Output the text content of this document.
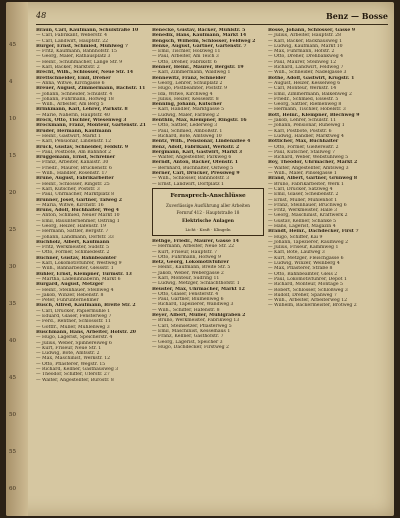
45
4
10
15
20
25
30
35
40
45
50
55
60
48	Benz — Bosse
Braun, Carl, Kaufmann, Schulstraße 10
— Carl, Fabrikant, Weberstr. 4
— Carl, Landwirt, Hauptstr. 22
Bürger, Ernst, Schmied, Mühlweg 7
— Fritz, Kaufmann, Bahnhofstr. 15
— Georg, Maler, Rathausplatz 3
— Heinr., Schuhmacher, Lange Str. 9
— Karl, Bäcker, Marktstr. 2
Brecht, Wilh., Schlosser, Neue Str. 14
Brettschneider, Emil, Dreher
— Anna, Witwe, Kirchgasse 6
Breuer, August, Zimmermann, Bachstr. 11
— Johann, Schneider, Schulstr. 4
— Johann, Fuhrmann, Hofweg 18
— Wilh., Arbeiter, Am Berg 5
Brinkmann, Karl, Lehrer, Parkstr. 8
— Marie, Näherin, Hauptstr. 40
Brock, Otto, Tischler, Wiesenweg 3
Brockmann, Franz, Monteur, Gartenstr. 21
Bruder, Hermann, Kaufmann
— Heinr., Gastwirt, Markt 1
— Karl, Pensionär, Lindenstr. 12
Brück, Gustav, Schneider, Feldstr. 9
— Paul, Postbote, Am Bahnhof 2
Brüggemann, Ernst, Schreiner
— Franz, Arbeiter, Kanalstr. 30
— Friedr., Maurer, Brückenstr. 6
— Wilh., Händler, Rosenstr. 17
Brune, August, Fabrikarbeiter
— Heinr., Schlosser, Ringstr. 25
— Karl, Kutscher, Poststr. 3
— Paul, Uhrmacher, Marktplatz 8
Brunner, Josef, Gärtner, Talweg 2
— Maria, Witwe, Kirchstr. 16
Bruns, Adolf, Buchhalter, Weg 4
— Anton, Schmied, Neuer Markt 10
— Emil, Bauunternehmer, Ostring 1
— Georg, Heizer, Hafenstr. 19
— Hermann, Sattler, Bergstr. 7
— Johann, Landmann, Dorfstr. 33
Buchholz, Albert, Kaufmann
— Fritz, Werkmeister, Südstr. 5
— Otto, Former, Schmiedestr. 2
Büchner, Gustav, Bahnbeamter
— Karl, Lokomotivführer, Westweg 9
— Wilh., Bahnarbeiter, Gleisstr. 1
Bühler, Ernst, Klempner, Turmstr. 13
— Martha, Ladeninhaberin, Markt 6
Burgard, August, Metzger
— Heinr., Steinhauer, Steinweg 4
— Jakob, Winzer, Rebenstr. 8
— Peter, Fuhrunternehmer
Busch, Alfred, Kaufmann, Breite Str. 2
— Carl, Drucker, Papiermühle 1
— Eduard, Glaser, Fensterweg 7
— Ferd., Rentner, Schlossstr. 11
— Gottfr., Müller, Mühlenweg 3
Buschmann, Hans, Arbeiter, Hofstr. 20
— Hugo, Lagerist, Speicherstr. 4
— Julius, Weber, Spinnereiweg 6
— Kurt, Friseur, Neue Str. 1
— Ludwig, Bote, Amtsstr. 2
— Max, Maschinist, Werkstr. 12
— Otto, Pflasterer, Wegstr. 15
— Richard, Kellner, Gasthausweg 3
— Theodor, Schiffer, Uferstr. 27
— Walter, Angestellter, Bürostr. 8
Benecke, Gustav, Bäcker, Mühlstr. 5
Benedix, Hans, Kaufmann, Markt 14
Bengsch, Wilhelm, Schlosser, Feldweg 2
Benke, August, Gärtner, Gartenstr. 7
— Emil, Tischler, Holzweg 11
— Paul, Arbeiter, Am Teich 3
— Otto, Dreher, Fabrikstr. 6
Benner, Heinr., Maurer, Bergstr. 19
— Karl, Zimmermann, Waldweg 1
Bennewitz, Franz, Schneider
— Georg, Lehrer, Schulplatz 2
— Hugo, Postbeamter, Poststr. 9
— Ida, Witwe, Kirchweg 4
— Julius, Heizer, Kesselstr. 8
Benning, Johann, Kutscher
— Karl, Händler, Marktgasse 5
— Ludwig, Maler, Farbweg 2
Benthin, Max, Klempner, Ringstr. 16
— Otto, Sattler, Lederweg 3
— Paul, Schmied, Amboßstr. 1
— Richard, Bote, Amtsweg 10
Bentz, Wilh., Pensionär, Lindenallee 4
Benz, Adolf, Fabrikant, Werkstr. 2
Bergmann, Karl, Gastwirt, Markt 3
— Walter, Angestellter, Parkweg 6
Berndt, Anton, Bäcker, Ofenstr. 1
— Bernhard, Buchhalter, Ostweg 5
Berner, Carl, Drucker, Pressweg 9
— Wilh., Schlosser, Bahnhofstr. 3
— Ernst, Landwirt, Dorfplatz 1
Bethge, Friedr., Maurer, Gasse 14
— Hermann, Arbeiter, Neue Str. 22
— Kurt, Friseur, Hauptstr. 7
— Otto, Fuhrmann, Hofweg 9
Betz, Georg, Lokomotivführer
— Heinr., Kaufmann, Breite Str. 5
— Jakob, Weber, Webergasse 2
— Karl, Monteur, Südring 11
— Ludwig, Metzger, Schlachthofstr. 1
Beuster, Max, Uhrmacher, Markt 12
— Otto, Glaser, Fensterstr. 4
— Paul, Gärtner, Blumenweg 6
— Richard, Tapezierer, Wandweg 3
— Wilh., Schiffer, Hafenstr. 8
Beyer, Albert, Müller, Mühlgraben 2
— Bruno, Werkmeister, Fabrikweg 13
— Carl, Steinsetzer, Pflasterweg 5
— Emil, Maschinist, Kesselhaus 1
— Franz, Kellner, Gasthofstr. 7
— Georg, Lagerist, Speicher 3
— Hugo, Dachdecker, Firstweg 2
Bosse, Johann, Schlosser, Gasse 9
— Julius, Arbeiter, Hauptstr. 28
— Karl, Bäcker, Backhausweg 1
— Ludwig, Kaufmann, Markt 10
— Max, Fuhrmann, Hofstr. 2
— Otto, Dreher, Drehbankweg 4
— Paul, Maurer, Steinweg 12
— Richard, Landwirt, Feldweg 7
— Wilh., Schneider, Nadelgasse 3
Bothe, Adolf, Gastwirt, Krugstr. 1
— August, Heizer, Kesselweg 6
— Carl, Monteur, Werkstr. 14
— Emil, Zimmermann, Balkenweg 2
— Friedr., Schmied, Essestr. 5
— Georg, Sattler, Riemenweg 8
— Hermann, Tischler, Hobelstr. 3
Bott, Heinr., Klempner, Blechweg 9
— Jakob, Lehrer, Schulstr. 11
— Johann, Pensionär, Ruheweg 1
— Karl, Postbote, Poststr. 6
— Ludwig, Händler, Marktweg 4
Bötticher, Max, Buchhalter
— Otto, Former, Gießereistr. 2
— Paul, Kutscher, Stallweg 7
— Richard, Weber, Webstuhlweg 5
Boy, Theodor, Uhrmacher, Markt 2
— Walter, Angestellter, Amtsweg 3
— Wilh., Maler, Pinselgasse 1
Brand, Albert, Gärtner, Grünweg 8
— Bruno, Fabrikarbeiter, Werk 1
— Carl, Drucker, Satzweg 4
— Emil, Glaser, Scheibenstr. 2
— Ernst, Müller, Mühlenhof 1
— Franz, Steinhauer, Bruchweg 6
— Fritz, Werkmeister, Halle 3
— Georg, Maschinist, Kraftwerk 2
— Gustav, Kellner, Schänke 5
— Hans, Lagerist, Magazin 4
Brandt, Heinr., Dachdecker, First 7
— Hugo, Schiffer, Kai 9
— Johann, Tapezierer, Raumweg 2
— Julius, Friseur, Kammweg 1
— Karl, Bote, Laufweg 3
— Kurt, Metzger, Fleischgasse 6
— Ludwig, Winzer, Weinberg 4
— Max, Pflasterer, Straße 8
— Otto, Bahnbeamter, Gleis 2
— Paul, Lokomotivführer, Depot 1
— Richard, Monteur, Montage 5
— Robert, Schlosser, Schloßweg 3
— Rudolf, Dreher, Spanweg 7
— Wilh., Arbeiter, Arbeiterweg 12
— Wilhelm, Bäckermeister, Brotweg 2
Fernsprech-Anschlüsse
Zuverlässige Ausführung aller Arbeiten
Fernruf 412 · Hauptstraße 18
Elektrische Anlagen
Licht · Kraft · Klingeln
